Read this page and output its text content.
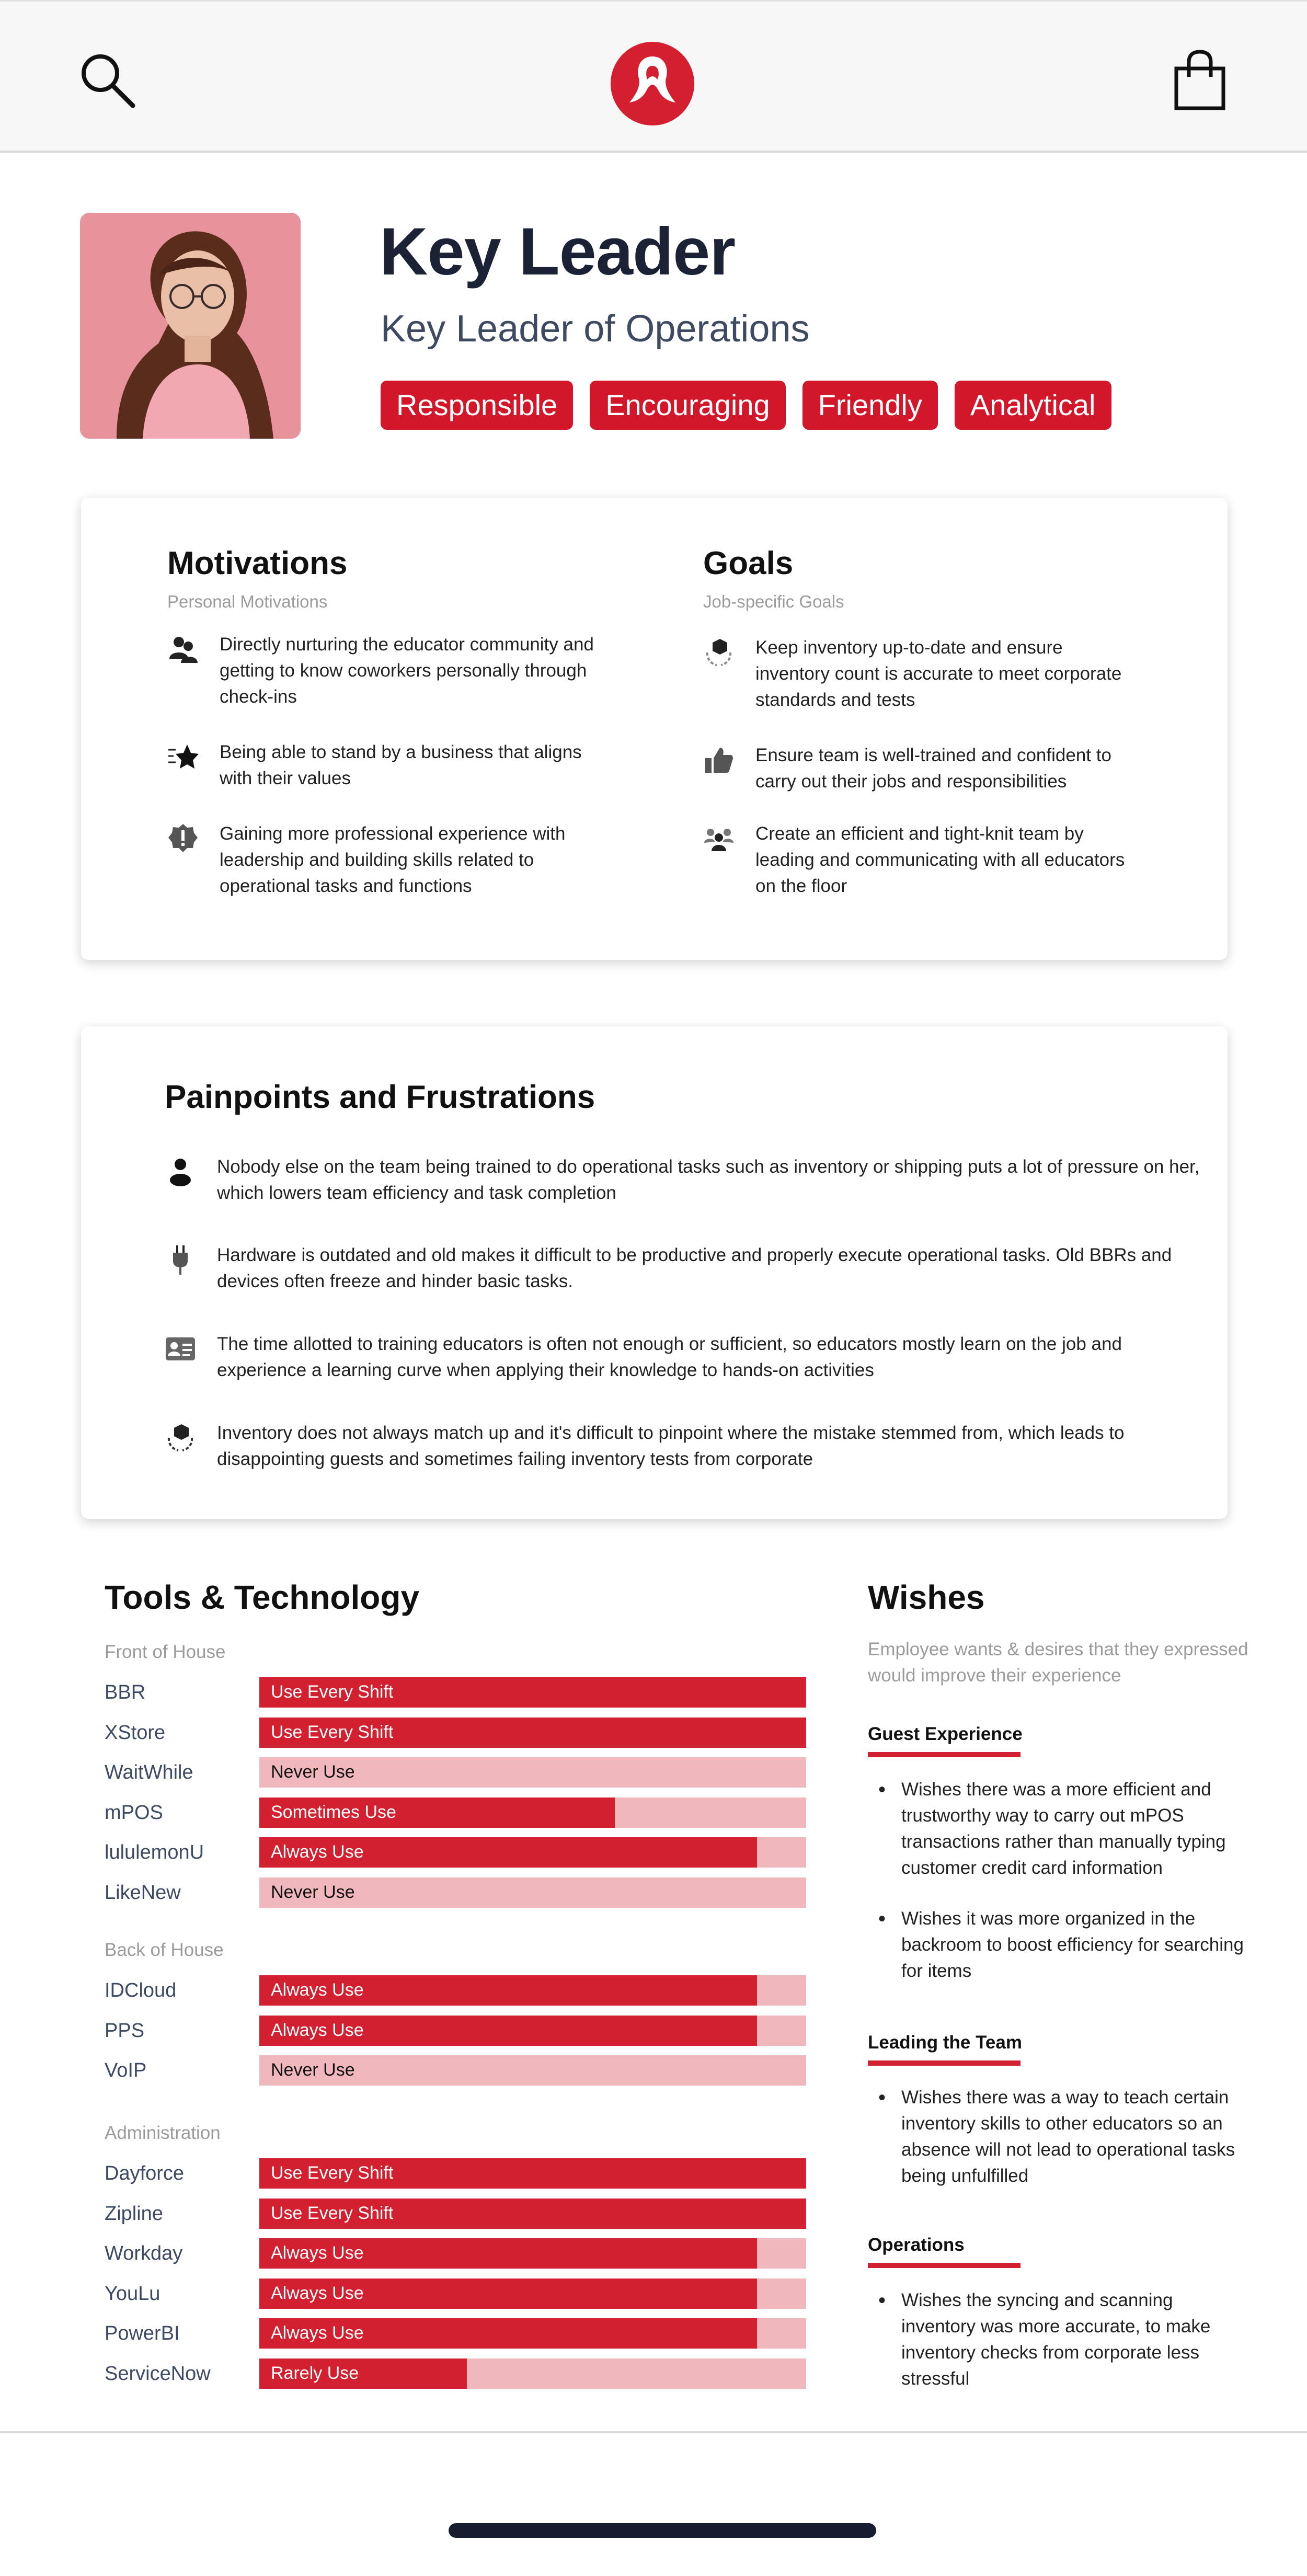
Key Leader
Key Leader of Operations
Responsible	Encouraging	Friendly	Analytical
Motivations
Personal Motivations
Directly nurturing the educator community and getting to know coworkers personally through check-ins
Being able to stand by a business that aligns with their values
Gaining more professional experience with leadership and building skills related to operational tasks and functions
Goals
Job-specific Goals
Keep inventory up-to-date and ensure inventory count is accurate to meet corporate standards and tests
Ensure team is well-trained and confident to carry out their jobs and responsibilities
Create an efficient and tight-knit team by leading and communicating with all educators on the floor
Painpoints and Frustrations
Nobody else on the team being trained to do operational tasks such as inventory or shipping puts a lot of pressure on her, which lowers team efficiency and task completion
Hardware is outdated and old makes it difficult to be productive and properly execute operational tasks. Old BBRs and devices often freeze and hinder basic tasks.
The time allotted to training educators is often not enough or sufficient, so educators mostly learn on the job and experience a learning curve when applying their knowledge to hands-on activities
Inventory does not always match up and it's difficult to pinpoint where the mistake stemmed from, which leads to disappointing guests and sometimes failing inventory tests from corporate
Tools & Technology
Front of House
BBR	Use Every Shift
XStore	Use Every Shift
WaitWhile	Never Use
mPOS	Sometimes Use
lululemonU	Always Use
LikeNew	Never Use
Back of House
IDCloud	Always Use
PPS	Always Use
VoIP	Never Use
Administration
Dayforce	Use Every Shift
Zipline	Use Every Shift
Workday	Always Use
YouLu	Always Use
PowerBI	Always Use
ServiceNow	Rarely Use
Wishes
Employee wants & desires that they expressed would improve their experience
Guest Experience
• Wishes there was a more efficient and trustworthy way to carry out mPOS transactions rather than manually typing customer credit card information
• Wishes it was more organized in the backroom to boost efficiency for searching for items
Leading the Team
• Wishes there was a way to teach certain inventory skills to other educators so an absence will not lead to operational tasks being unfulfilled
Operations
• Wishes the syncing and scanning inventory was more accurate, to make inventory checks from corporate less stressful
